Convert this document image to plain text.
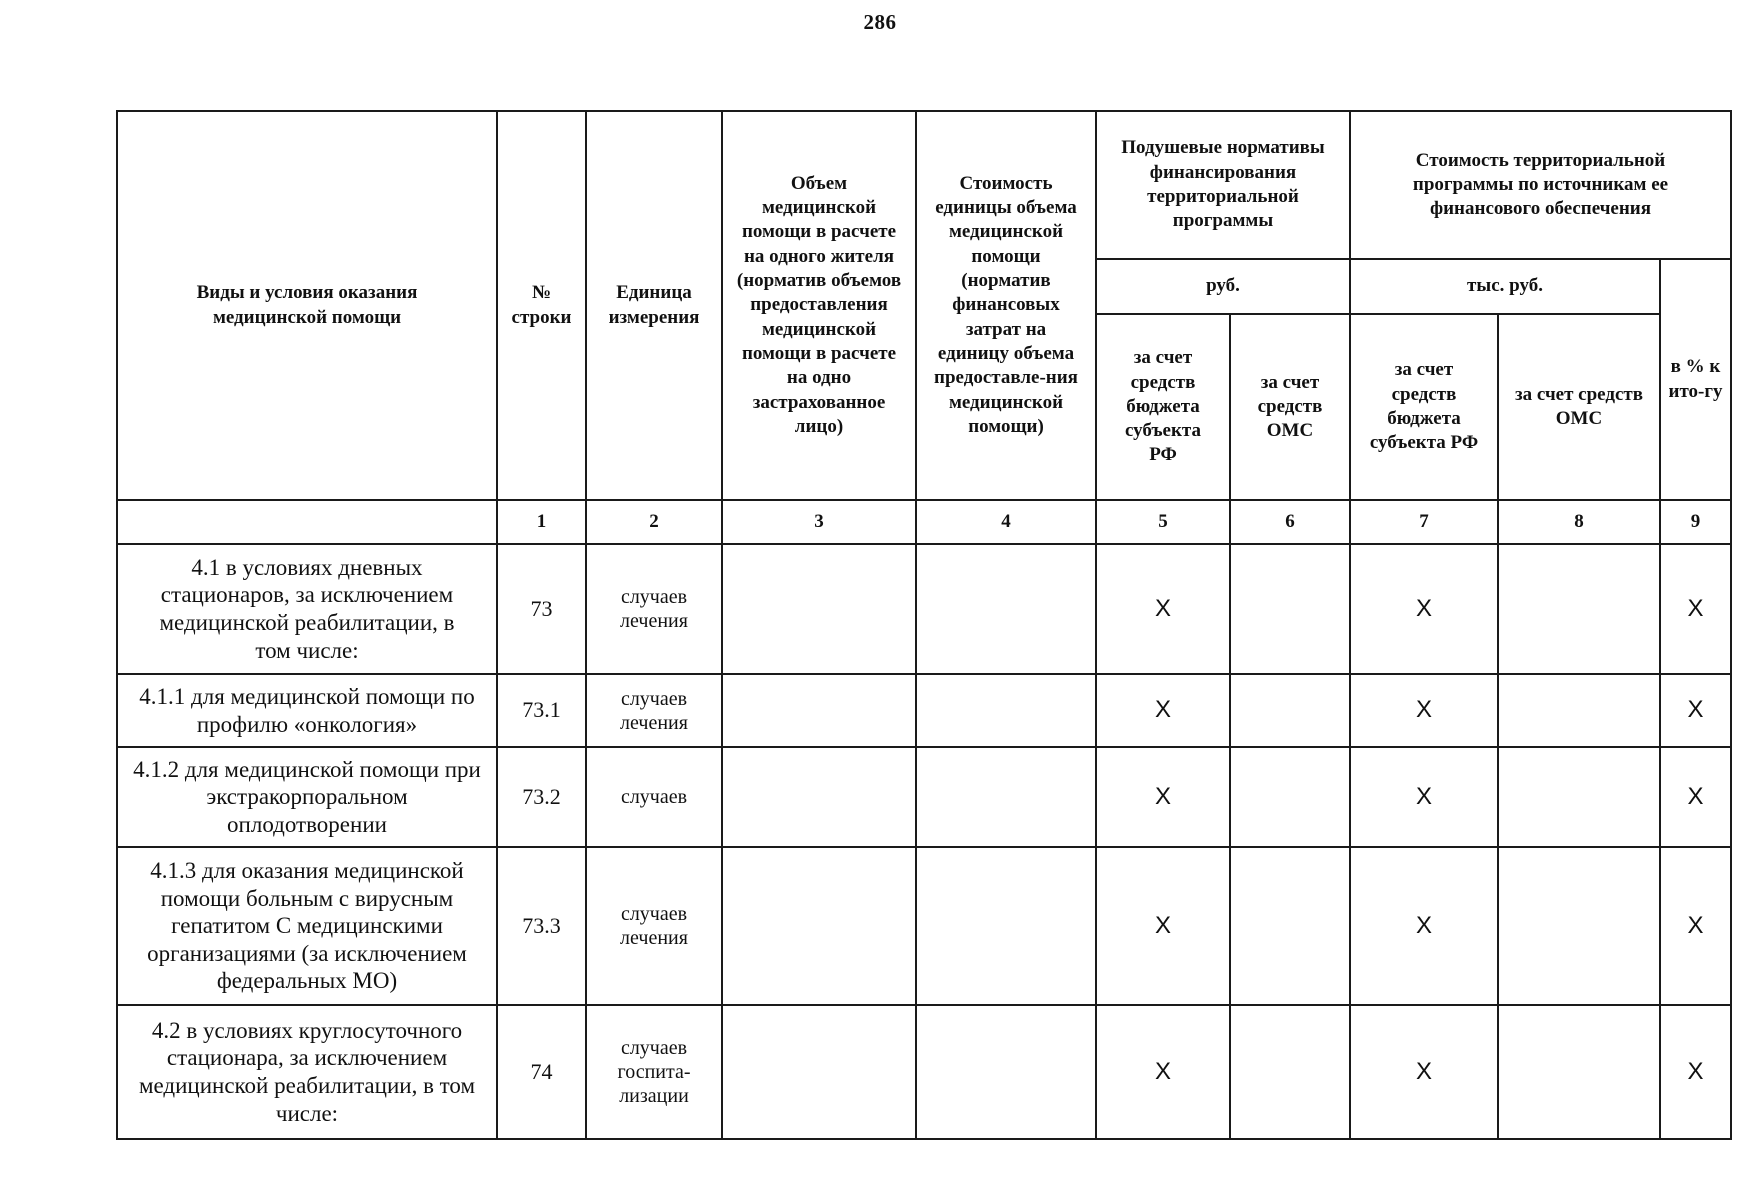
286
Виды и условия оказания медицинской помощи	№ строки	Единица измерения	Объем медицинской помощи в расчете на одного жителя (норматив объемов предоставления медицинской помощи в расчете на одно застрахованное лицо)	Стоимость единицы объема медицинской помощи (норматив финансовых затрат на единицу объема предоставле-ния медицинской помощи)	Подушевые нормативы финансирования территориальной программы		Стоимость территориальной программы по источникам ее финансового обеспечения		
					руб.		тыс. руб.		в % к ито-гу
					за счет средств бюджета субъекта РФ	за счет средств ОМС	за счет средств бюджета субъекта РФ	за счет средств ОМС	
	1	2	3	4	5	6	7	8	9
4.1 в условиях дневных стационаров, за исключением медицинской реабилитации, в том числе:	73	случаев лечения			X		X		X
4.1.1 для медицинской помощи по профилю «онкология»	73.1	случаев лечения			X		X		X
4.1.2 для медицинской помощи при экстракорпоральном оплодотворении	73.2	случаев			X		X		X
4.1.3 для оказания медицинской помощи больным с вирусным гепатитом С медицинскими организациями (за исключением федеральных МО)	73.3	случаев лечения			X		X		X
4.2 в условиях круглосуточного стационара, за исключением медицинской реабилитации, в том числе:	74	случаев госпита-лизации			X		X		X
